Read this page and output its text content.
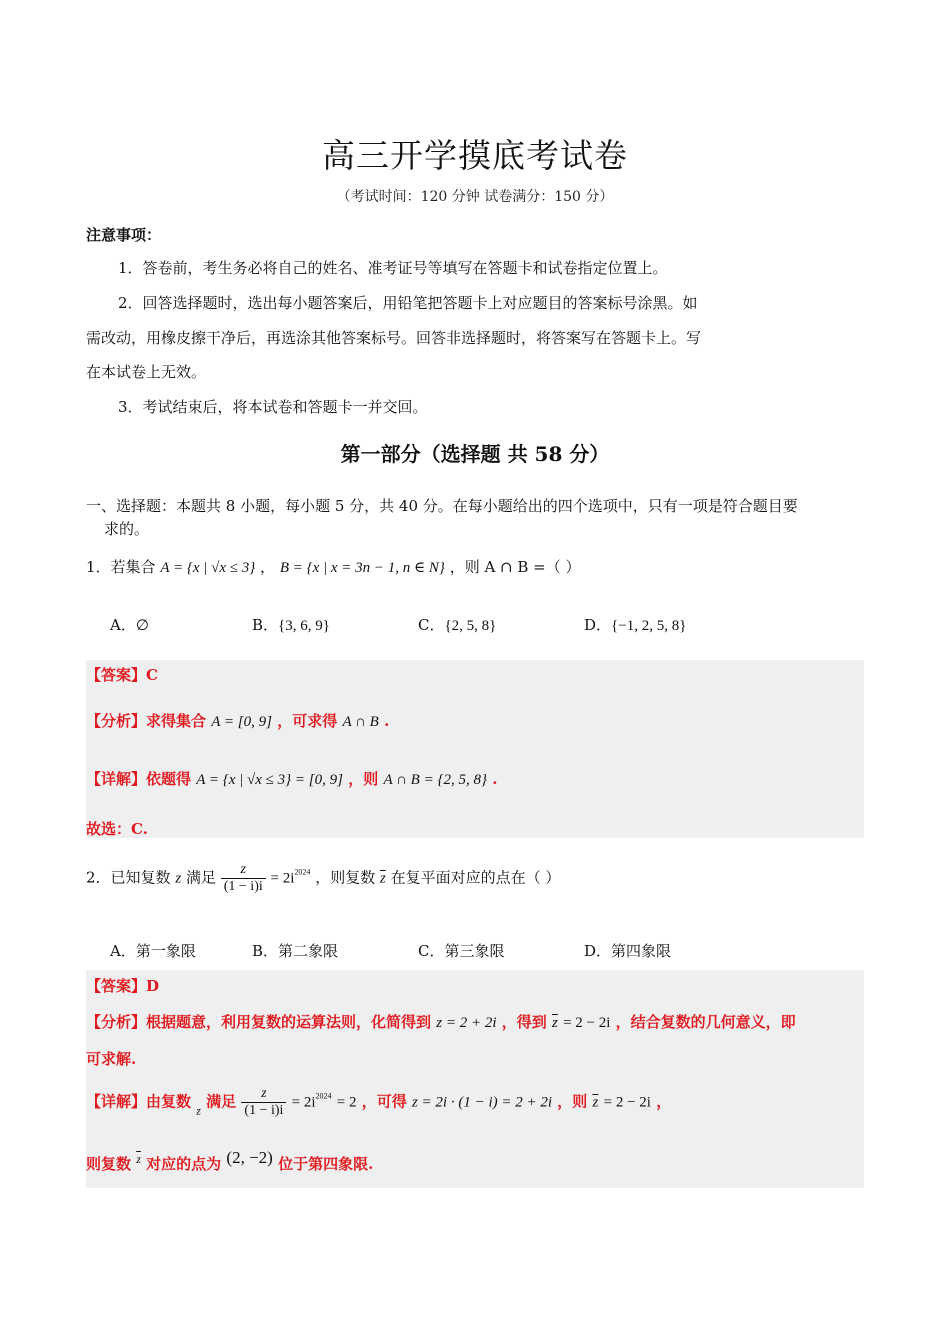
高三开学摸底考试卷
（考试时间：120 分钟 试卷满分：150 分）
注意事项：
1．答卷前，考生务必将自己的姓名、准考证号等填写在答题卡和试卷指定位置上。
2．回答选择题时，选出每小题答案后，用铅笔把答题卡上对应题目的答案标号涂黑。如
需改动，用橡皮擦干净后，再选涂其他答案标号。回答非选择题时，将答案写在答题卡上。写
在本试卷上无效。
3．考试结束后，将本试卷和答题卡一并交回。
第一部分（选择题 共 58 分）
一、选择题：本题共 8 小题，每小题 5 分，共 40 分。在每小题给出的四个选项中，只有一项是符合题目要
求的。
1．若集合 A = {x | √x ≤ 3} ， B = {x | x = 3n − 1, n ∈ N} ，则 A ∩ B =（ ）
A．∅	B．{3, 6, 9}	C．{2, 5, 8}	D．{−1, 2, 5, 8}
【答案】C
【分析】求得集合 A = [0, 9] ，可求得 A ∩ B .
【详解】依题得 A = {x | √x ≤ 3} = [0, 9] ，则 A ∩ B = {2, 5, 8} .
故选：C.
2．已知复数 z 满足 $\frac{z}{(1 - i)i} = 2i^{2024}$ ，则复数 $\overline{z}$ 在复平面对应的点在（ ）
A．第一象限	B．第二象限	C．第三象限	D．第四象限
【答案】D
【分析】根据题意，利用复数的运算法则，化简得到 z = 2 + 2i ，得到 $\overline{z} = 2 - 2i$ ，结合复数的几何意义，即
可求解.
【详解】由复数 $_z$ 满足 $\frac{z}{(1 - i)i} = 2i^{2024} = 2$ ，可得 z = 2i · (1 − i) = 2 + 2i ，则 $\overline{z} = 2 - 2i$ ，
则复数 $^{\overline{z}}$ 对应的点为 (2, −2) 位于第四象限.
